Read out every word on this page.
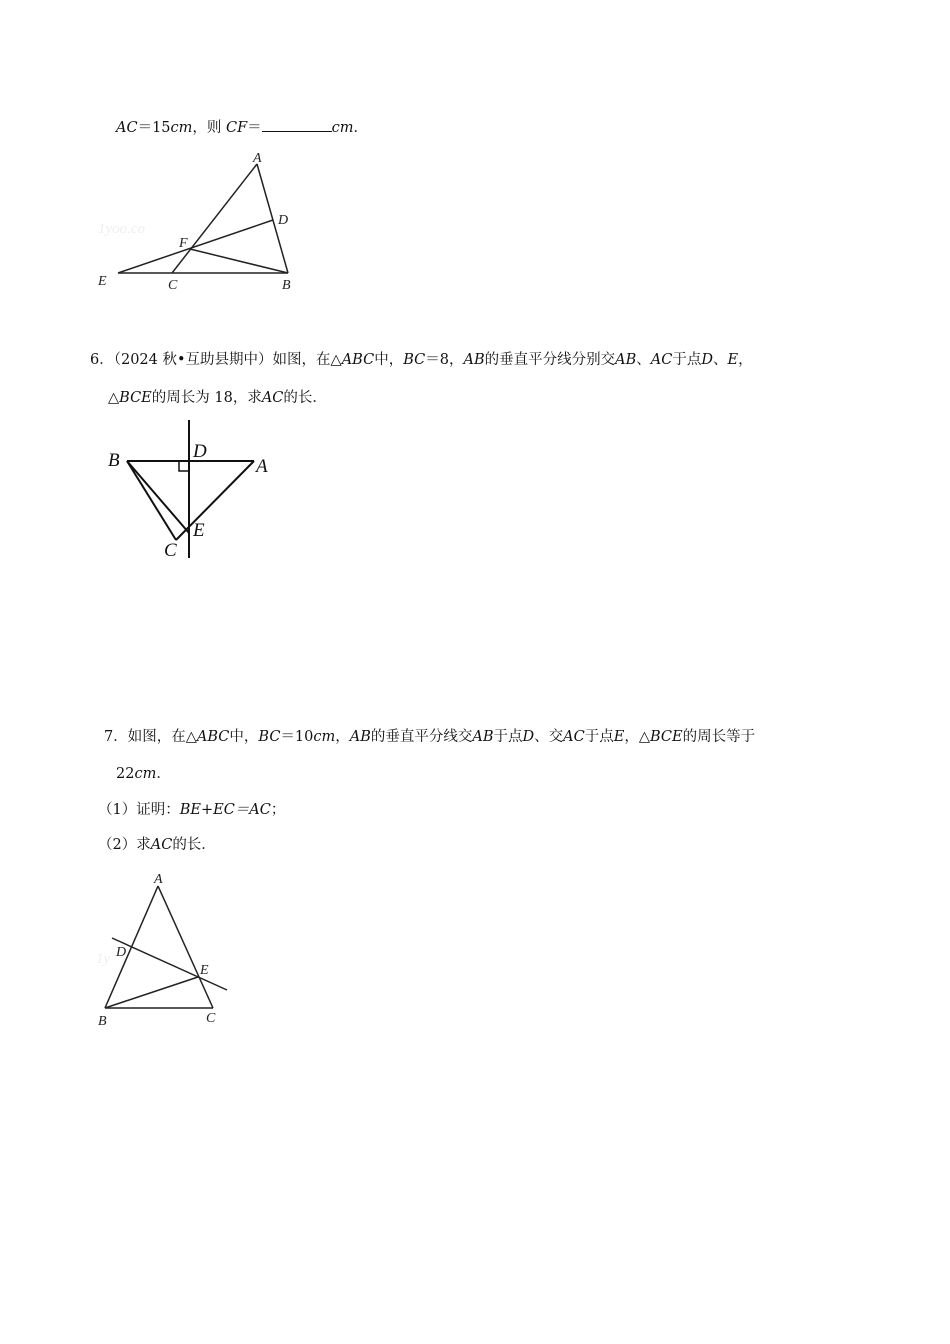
AC＝15cm，则 CF＝	cm．
1yoo.co
A
D
F
E	C	B
6．（2024 秋•互助县期中）如图，在△ABC中，BC＝8，AB的垂直平分线分别交AB、AC于点D、E，
△BCE的周长为 18，求AC的长．
B	D
A
E
C
7．如图，在△ABC中，BC＝10cm，AB的垂直平分线交AB于点D、交AC于点E，△BCE的周长等于
22cm．
（1）证明：BE+EC＝AC；
（2）求AC的长．
1y
A
D
E
B	C
